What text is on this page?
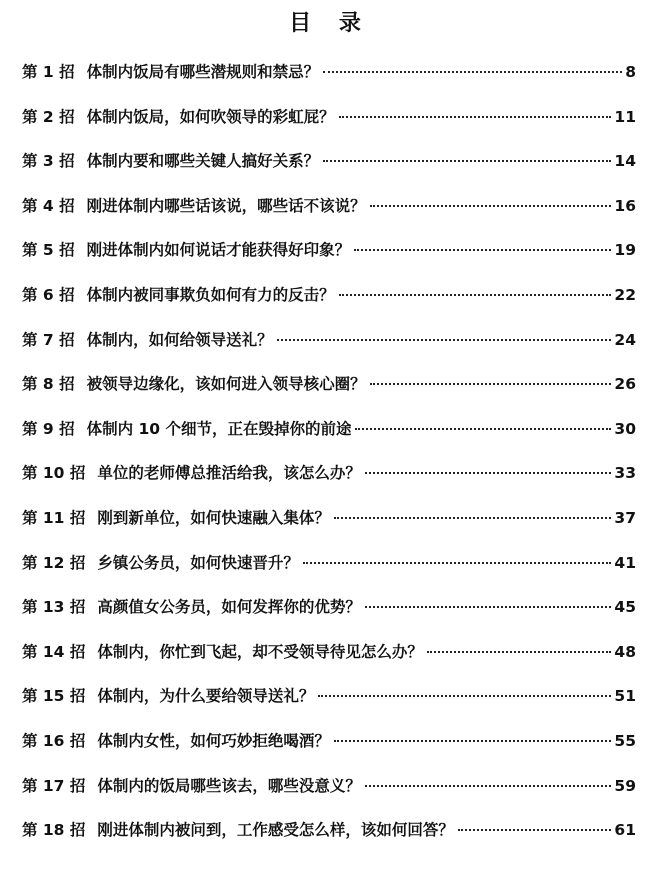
目 录
第 1 招 体制内饭局有哪些潜规则和禁忌？	8
第 2 招 体制内饭局，如何吹领导的彩虹屁？	11
第 3 招 体制内要和哪些关键人搞好关系？	14
第 4 招 刚进体制内哪些话该说，哪些话不该说？	16
第 5 招 刚进体制内如何说话才能获得好印象？	19
第 6 招 体制内被同事欺负如何有力的反击？	22
第 7 招 体制内，如何给领导送礼？	24
第 8 招 被领导边缘化，该如何进入领导核心圈？	26
第 9 招 体制内 10 个细节，正在毁掉你的前途	30
第 10 招 单位的老师傅总推活给我，该怎么办？	33
第 11 招 刚到新单位，如何快速融入集体？	37
第 12 招 乡镇公务员，如何快速晋升？	41
第 13 招 高颜值女公务员，如何发挥你的优势？	45
第 14 招 体制内，你忙到飞起，却不受领导待见怎么办？	48
第 15 招 体制内，为什么要给领导送礼？	51
第 16 招 体制内女性，如何巧妙拒绝喝酒？	55
第 17 招 体制内的饭局哪些该去，哪些没意义？	59
第 18 招 刚进体制内被问到，工作感受怎么样，该如何回答？	61
